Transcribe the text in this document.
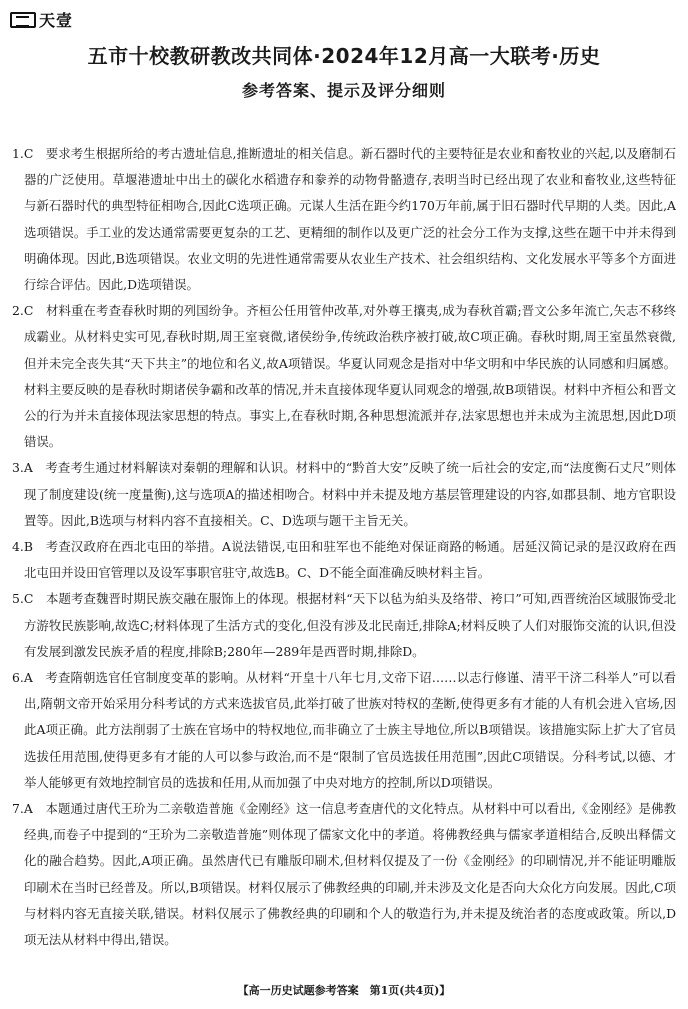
天壹
五市十校教研教改共同体·2024年12月高一大联考·历史
参考答案、提示及评分细则

1.C　要求考生根据所给的考古遗址信息,推断遗址的相关信息。新石器时代的主要特征是农业和畜牧业的兴起,以及磨制石器的广泛使用。草堰港遗址中出土的碳化水稻遗存和豢养的动物骨骼遗存,表明当时已经出现了农业和畜牧业,这些特征与新石器时代的典型特征相吻合,因此C选项正确。元谋人生活在距今约170万年前,属于旧石器时代早期的人类。因此,A选项错误。手工业的发达通常需要更复杂的工艺、更精细的制作以及更广泛的社会分工作为支撑,这些在题干中并未得到明确体现。因此,B选项错误。农业文明的先进性通常需要从农业生产技术、社会组织结构、文化发展水平等多个方面进行综合评估。因此,D选项错误。

2.C　材料重在考查春秋时期的列国纷争。齐桓公任用管仲改革,对外尊王攘夷,成为春秋首霸;晋文公多年流亡,矢志不移终成霸业。从材料史实可见,春秋时期,周王室衰微,诸侯纷争,传统政治秩序被打破,故C项正确。春秋时期,周王室虽然衰微,但并未完全丧失其“天下共主”的地位和名义,故A项错误。华夏认同观念是指对中华文明和中华民族的认同感和归属感。材料主要反映的是春秋时期诸侯争霸和改革的情况,并未直接体现华夏认同观念的增强,故B项错误。材料中齐桓公和晋文公的行为并未直接体现法家思想的特点。事实上,在春秋时期,各种思想流派并存,法家思想也并未成为主流思想,因此D项错误。

3.A　考查考生通过材料解读对秦朝的理解和认识。材料中的“黔首大安”反映了统一后社会的安定,而“法度衡石丈尺”则体现了制度建设(统一度量衡),这与选项A的描述相吻合。材料中并未提及地方基层管理建设的内容,如郡县制、地方官职设置等。因此,B选项与材料内容不直接相关。C、D选项与题干主旨无关。

4.B　考查汉政府在西北屯田的举措。A说法错误,屯田和驻军也不能绝对保证商路的畅通。居延汉简记录的是汉政府在西北屯田并设田官管理以及设军事职官驻守,故选B。C、D不能全面准确反映材料主旨。

5.C　本题考查魏晋时期民族交融在服饰上的体现。根据材料“天下以毡为絈头及络带、袴口”可知,西晋统治区域服饰受北方游牧民族影响,故选C;材料体现了生活方式的变化,但没有涉及北民南迁,排除A;材料反映了人们对服饰交流的认识,但没有发展到激发民族矛盾的程度,排除B;280年—289年是西晋时期,排除D。

6.A　考查隋朝选官任官制度变革的影响。从材料“开皇十八年七月,文帝下诏……以志行修谨、清平干济二科举人”可以看出,隋朝文帝开始采用分科考试的方式来选拔官员,此举打破了世族对特权的垄断,使得更多有才能的人有机会进入官场,因此A项正确。此方法削弱了士族在官场中的特权地位,而非确立了士族主导地位,所以B项错误。该措施实际上扩大了官员选拔任用范围,使得更多有才能的人可以参与政治,而不是“限制了官员选拔任用范围”,因此C项错误。分科考试,以德、才举人能够更有效地控制官员的选拔和任用,从而加强了中央对地方的控制,所以D项错误。

7.A　本题通过唐代王玠为二亲敬造普施《金刚经》这一信息考查唐代的文化特点。从材料中可以看出,《金刚经》是佛教经典,而卷子中提到的“王玠为二亲敬造普施”则体现了儒家文化中的孝道。将佛教经典与儒家孝道相结合,反映出释儒文化的融合趋势。因此,A项正确。虽然唐代已有雕版印刷术,但材料仅提及了一份《金刚经》的印刷情况,并不能证明雕版印刷术在当时已经普及。所以,B项错误。材料仅展示了佛教经典的印刷,并未涉及文化是否向大众化方向发展。因此,C项与材料内容无直接关联,错误。材料仅展示了佛教经典的印刷和个人的敬造行为,并未提及统治者的态度或政策。所以,D项无法从材料中得出,错误。

【高一历史试题参考答案　第1页(共4页)】
